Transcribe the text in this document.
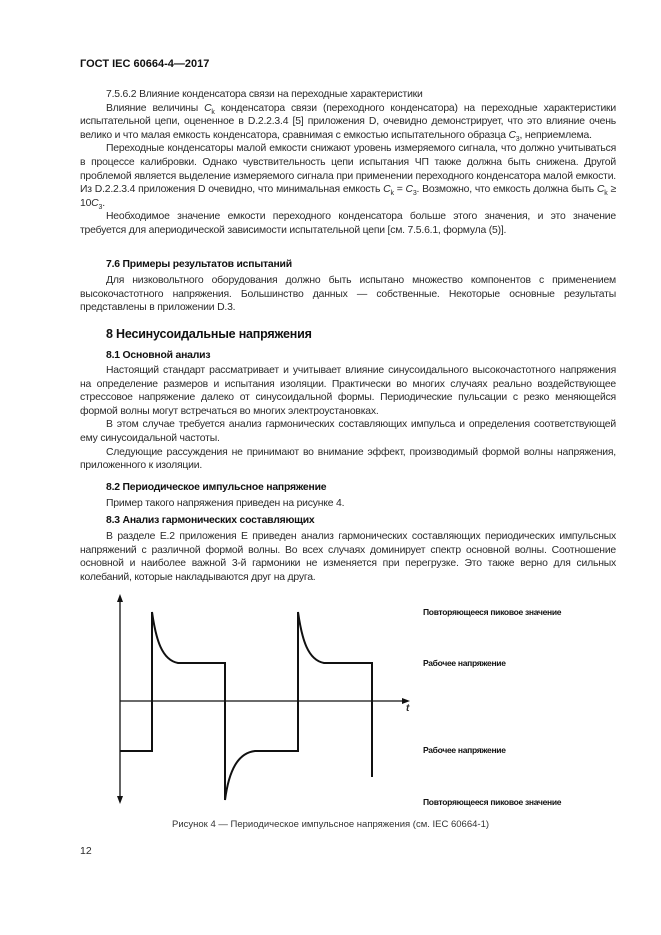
ГОСТ IEC 60664-4—2017

7.5.6.2 Влияние конденсатора связи на переходные характеристики

Влияние величины $C_k$ конденсатора связи (переходного конденсатора) на переходные характеристики испытательной цепи, оцененное в D.2.2.3.4 [5] приложения D, очевидно демонстрирует, что это влияние очень велико и что малая емкость конденсатора, сравнимая с емкостью испытательного образца $C_3$, неприемлема.

Переходные конденсаторы малой емкости снижают уровень измеряемого сигнала, что должно учитываться в процессе калибровки. Однако чувствительность цепи испытания ЧП также должна быть снижена. Другой проблемой является выделение измеряемого сигнала при применении переходного конденсатора малой емкости. Из D.2.2.3.4 приложения D очевидно, что минимальная емкость $C_k = C_3$. Возможно, что емкость должна быть $C_k \ge 10C_3$.

Необходимое значение емкости переходного конденсатора больше этого значения, и это значение требуется для апериодической зависимости испытательной цепи [см. 7.5.6.1, формула (5)].

7.6 Примеры результатов испытаний

Для низковольтного оборудования должно быть испытано множество компонентов с применением высокочастотного напряжения. Большинство данных — собственные. Некоторые основные результаты представлены в приложении D.3.

8 Несинусоидальные напряжения
8.1 Основной анализ

Настоящий стандарт рассматривает и учитывает влияние синусоидального высокочастотного напряжения на определение размеров и испытания изоляции. Практически во многих случаях реально воздействующее стрессовое напряжение далеко от синусоидальной формы. Периодические пульсации с резко меняющейся формой волны могут встречаться во многих электроустановках.

В этом случае требуется анализ гармонических составляющих импульса и определения соответствующей ему синусоидальной частоты.

Следующие рассуждения не принимают во внимание эффект, производимый формой волны напряжения, приложенного к изоляции.

8.2 Периодическое импульсное напряжение

Пример такого напряжения приведен на рисунке 4.

8.3 Анализ гармонических составляющих

В разделе Е.2 приложения Е приведен анализ гармонических составляющих периодических импульсных напряжений с различной формой волны. Во всех случаях доминирует спектр основной волны. Соотношение основной и наиболее важной 3-й гармоники не изменяется при перегрузке. Это также верно для сильных колебаний, которые накладываются друг на друга.

t
Повторяющееся пиковое значение
Рабочее напряжение
Рабочее напряжение
Повторяющееся пиковое значение
Рисунок 4 — Периодическое импульсное напряжения (см. IEC 60664-1)
12
